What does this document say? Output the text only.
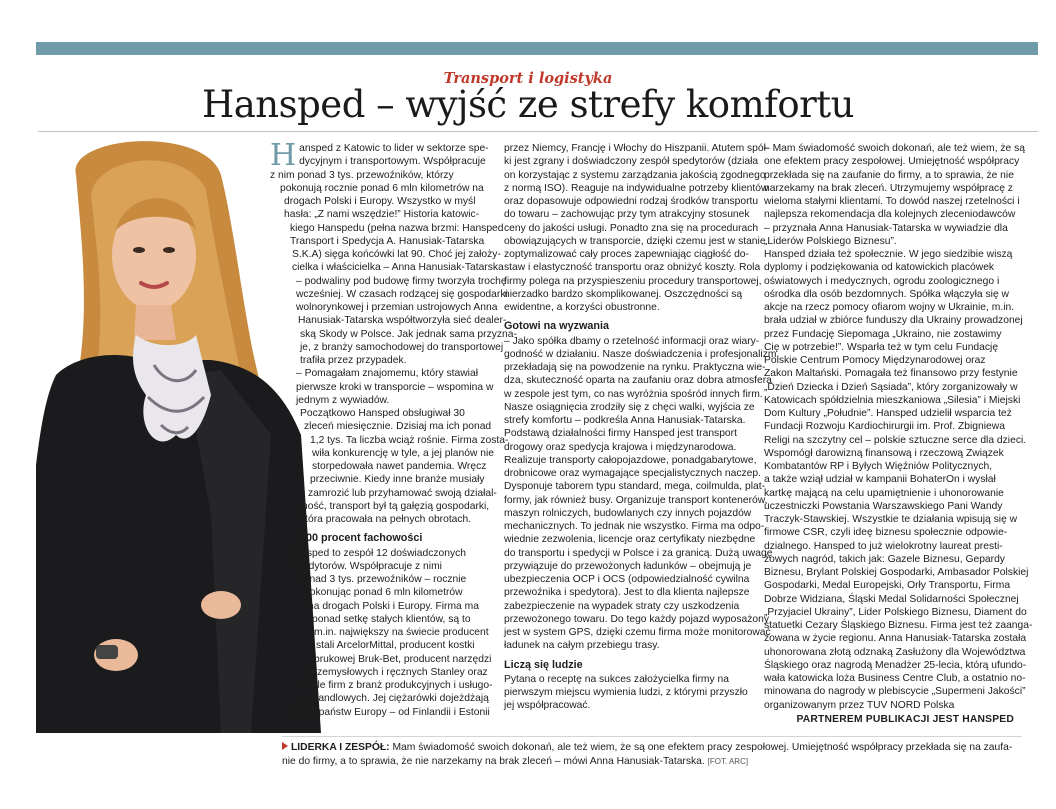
Transport i logistyka
Hansped – wyjść ze strefy komfortu
H ansped z Katowic to lider w sektorze spe-
dycyjnym i transportowym. Współpracuje
z nim ponad 3 tys. przewoźników, którzy
pokonują rocznie ponad 6 mln kilometrów na
drogach Polski i Europy. Wszystko w myśl
hasła: „Z nami wszędzie!” Historia katowic-
kiego Hanspedu (pełna nazwa brzmi: Hansped
Transport i Spedycja A. Hanusiak-Tatarska
S.K.A) sięga końcówki lat 90. Choć jej założy-
cielka i właścicielka – Anna Hanusiak-Tatarska
– podwaliny pod budowę firmy tworzyła trochę
wcześniej. W czasach rodzącej się gospodarki
wolnorynkowej i przemian ustrojowych Anna
Hanusiak-Tatarska współtworzyła sieć dealer-
ską Skody w Polsce. Jak jednak sama przyzna-
je, z branży samochodowej do transportowej
trafiła przez przypadek.
– Pomagałam znajomemu, który stawiał
pierwsze kroki w transporcie – wspomina w
jednym z wywiadów.
Początkowo Hansped obsługiwał 30
zleceń miesięcznie. Dzisiaj ma ich ponad
1,2 tys. Ta liczba wciąż rośnie. Firma zosta-
wiła konkurencję w tyle, a jej planów nie
storpedowała nawet pandemia. Wręcz
przeciwnie. Kiedy inne branże musiały
zamrozić lub przyhamować swoją działal-
ność, transport był tą gałęzią gospodarki,
która pracowała na pełnych obrotach.
200 procent fachowości
Hansped to zespół 12 doświadczonych
spedytorów. Współpracuje z nimi
ponad 3 tys. przewoźników – rocznie
pokonując ponad 6 mln kilometrów
na drogach Polski i Europy. Firma ma
ponad setkę stałych klientów, są to
m.in. największy na świecie producent
stali ArcelorMittal, producent kostki
brukowej Bruk-Bet, producent narzędzi
przemysłowych i ręcznych Stanley oraz
wiele firm z branż produkcyjnych i usługo-
wo-handlowych. Jej ciężarówki dojeżdżają
do 32 państw Europy – od Finlandii i Estonii
przez Niemcy, Francję i Włochy do Hiszpanii. Atutem spół-
ki jest zgrany i doświadczony zespół spedytorów (działa
on korzystając z systemu zarządzania jakością zgodnego
z normą ISO). Reaguje na indywidualne potrzeby klientów
oraz dopasowuje odpowiedni rodzaj środków transportu
do towaru – zachowując przy tym atrakcyjny stosunek
ceny do jakości usługi. Ponadto zna się na procedurach
obowiązujących w transporcie, dzięki czemu jest w stanie
zoptymalizować cały proces zapewniając ciągłość do-
staw i elastyczność transportu oraz obniżyć koszty. Rola
firmy polega na przyspieszeniu procedury transportowej,
nierzadko bardzo skomplikowanej. Oszczędności są
ewidentne, a korzyści obustronne.
Gotowi na wyzwania
– Jako spółka dbamy o rzetelność informacji oraz wiary-
godność w działaniu. Nasze doświadczenia i profesjonalizm
przekładają się na powodzenie na rynku. Praktyczna wie-
dza, skuteczność oparta na zaufaniu oraz dobra atmosfera
w zespole jest tym, co nas wyróżnia spośród innych firm.
Nasze osiągnięcia zrodziły się z chęci walki, wyjścia ze
strefy komfortu – podkreśla Anna Hanusiak-Tatarska.
Podstawą działalności firmy Hansped jest transport
drogowy oraz spedycja krajowa i międzynarodowa.
Realizuje transporty całopojazdowe, ponadgabarytowe,
drobnicowe oraz wymagające specjalistycznych naczep.
Dysponuje taborem typu standard, mega, coilmulda, plat-
formy, jak również busy. Organizuje transport kontenerów,
maszyn rolniczych, budowlanych czy innych pojazdów
mechanicznych. To jednak nie wszystko. Firma ma odpo-
wiednie zezwolenia, licencje oraz certyfikaty niezbędne
do transportu i spedycji w Polsce i za granicą. Dużą uwagę
przywiązuje do przewożonych ładunków – obejmują je
ubezpieczenia OCP i OCS (odpowiedzialność cywilna
przewoźnika i spedytora). Jest to dla klienta najlepsze
zabezpieczenie na wypadek straty czy uszkodzenia
przewożonego towaru. Do tego każdy pojazd wyposażony
jest w system GPS, dzięki czemu firma może monitorować
ładunek na całym przebiegu trasy.
Liczą się ludzie
Pytana o receptę na sukces założycielka firmy na
pierwszym miejscu wymienia ludzi, z którymi przyszło
jej współpracować.
– Mam świadomość swoich dokonań, ale też wiem, że są
one efektem pracy zespołowej. Umiejętność współpracy
przekłada się na zaufanie do firmy, a to sprawia, że nie
narzekamy na brak zleceń. Utrzymujemy współpracę z
wieloma stałymi klientami. To dowód naszej rzetelności i
najlepsza rekomendacja dla kolejnych zleceniodawców
– przyznała Anna Hanusiak-Tatarska w wywiadzie dla
„Liderów Polskiego Biznesu”.
Hansped działa też społecznie. W jego siedzibie wiszą
dyplomy i podziękowania od katowickich placówek
oświatowych i medycznych, ogrodu zoologicznego i
ośrodka dla osób bezdomnych. Spółka włączyła się w
akcje na rzecz pomocy ofiarom wojny w Ukrainie, m.in.
brała udział w zbiórce funduszy dla Ukrainy prowadzonej
przez Fundację Siepomaga „Ukraino, nie zostawimy
Cię w potrzebie!”. Wsparła też w tym celu Fundację
Polskie Centrum Pomocy Międzynarodowej oraz
Zakon Maltański. Pomagała też finansowo przy festynie
„Dzień Dziecka i Dzień Sąsiada”, który zorganizowały w
Katowicach spółdzielnia mieszkaniowa „Silesia” i Miejski
Dom Kultury „Południe”. Hansped udzielił wsparcia też
Fundacji Rozwoju Kardiochirurgii im. Prof. Zbigniewa
Religi na szczytny cel – polskie sztuczne serce dla dzieci.
Wspomógł darowizną finansową i rzeczową Związek
Kombatantów RP i Byłych Więźniów Politycznych,
a także wziął udział w kampanii BohaterOn i wysłał
kartkę mającą na celu upamiętnienie i uhonorowanie
uczestniczki Powstania Warszawskiego Pani Wandy
Traczyk-Stawskiej. Wszystkie te działania wpisują się w
firmowe CSR, czyli ideę biznesu społecznie odpowie-
dzialnego. Hansped to już wielokrotny laureat presti-
żowych nagród, takich jak: Gazele Biznesu, Gepardy
Biznesu, Brylant Polskiej Gospodarki, Ambasador Polskiej
Gospodarki, Medal Europejski, Orły Transportu, Firma
Dobrze Widziana, Śląski Medal Solidarności Społecznej
„Przyjaciel Ukrainy”, Lider Polskiego Biznesu, Diament do
statuetki Cezary Śląskiego Biznesu. Firma jest też zaanga-
żowana w życie regionu. Anna Hanusiak-Tatarska została
uhonorowana złotą odznaką Zasłużony dla Województwa
Śląskiego oraz nagrodą Menadżer 25-lecia, którą ufundo-
wała katowicka loża Business Centre Club, a ostatnio no-
minowana do nagrody w plebiscycie „Supermeni Jakości”
organizowanym przez TUV NORD Polska
PARTNEREM PUBLIKACJI JEST HANSPED
LIDERKA I ZESPÓŁ: Mam świadomość swoich dokonań, ale też wiem, że są one efektem pracy zespołowej. Umiejętność współpracy przekłada się na zaufa-nie do firmy, a to sprawia, że nie narzekamy na brak zleceń – mówi Anna Hanusiak-Tatarska. [FOT. ARC]
